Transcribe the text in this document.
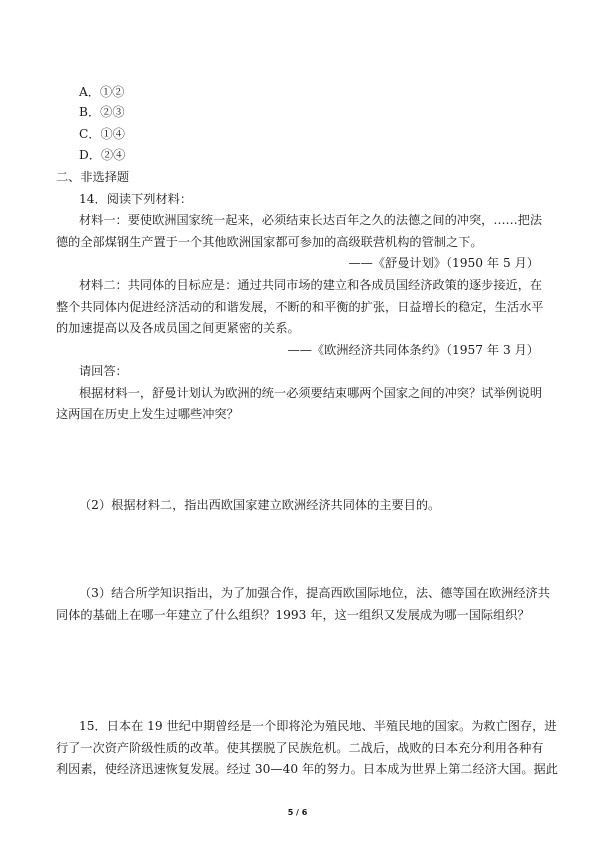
A．①②
B．②③
C．①④
D．②④
二、非选择题
14．阅读下列材料：
材料一：要使欧洲国家统一起来，必须结束长达百年之久的法德之间的冲突，……把法
德的全部煤钢生产置于一个其他欧洲国家都可参加的高级联营机构的管制之下。
——《舒曼计划》（1950 年 5 月）
材料二：共同体的目标应是：通过共同市场的建立和各成员国经济政策的逐步接近，在
整个共同体内促进经济活动的和谐发展，不断的和平衡的扩张，日益增长的稳定，生活水平
的加速提高以及各成员国之间更紧密的关系。
——《欧洲经济共同体条约》（1957 年 3 月）
请回答：
根据材料一，舒曼计划认为欧洲的统一必须要结束哪两个国家之间的冲突？试举例说明
这两国在历史上发生过哪些冲突？
（2）根据材料二，指出西欧国家建立欧洲经济共同体的主要目的。
（3）结合所学知识指出，为了加强合作，提高西欧国际地位，法、德等国在欧洲经济共
同体的基础上在哪一年建立了什么组织？1993 年，这一组织又发展成为哪一国际组织？
15．日本在 19 世纪中期曾经是一个即将沦为殖民地、半殖民地的国家。为救亡图存，进
行了一次资产阶级性质的改革。使其摆脱了民族危机。二战后，战败的日本充分利用各种有
利因素，使经济迅速恢复发展。经过 30—40 年的努力。日本成为世界上第二经济大国。据此
5 / 6
